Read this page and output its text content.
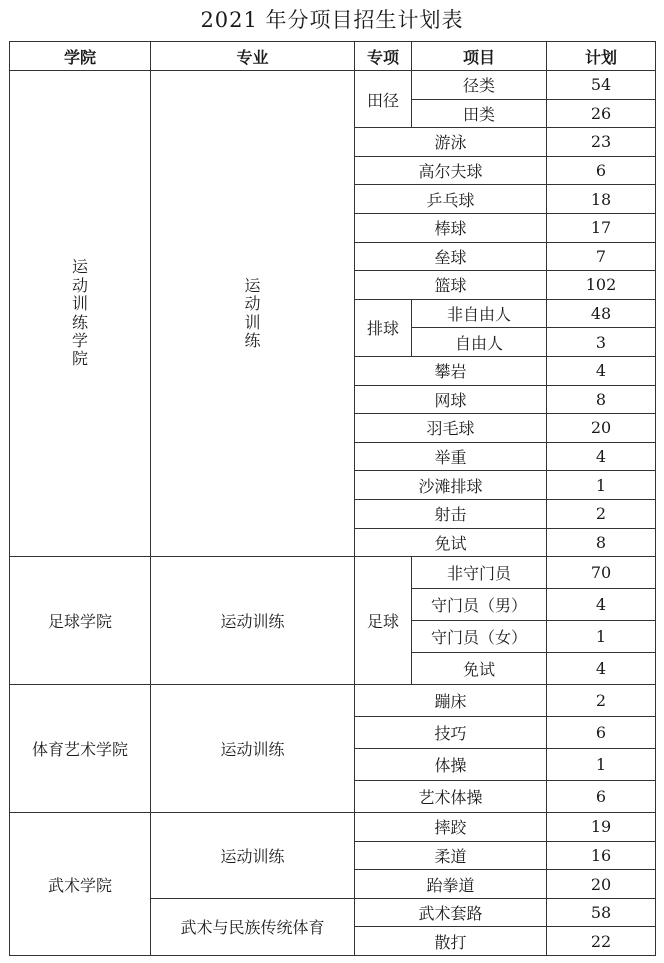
2021 年分项目招生计划表
学院	专业	专项	项目	计划
运动训练学院	运动训练	田径	径类	54
			田类	26
		游泳		23
		高尔夫球		6
		乒乓球		18
		棒球		17
		垒球		7
		篮球		102
		排球	非自由人	48
			自由人	3
		攀岩		4
		网球		8
		羽毛球		20
		举重		4
		沙滩排球		1
		射击		2
		免试		8
足球学院	运动训练	足球	非守门员	70
			守门员（男）	4
			守门员（女）	1
			免试	4
体育艺术学院	运动训练	蹦床		2
		技巧		6
		体操		1
		艺术体操		6
武术学院	运动训练	摔跤		19
		柔道		16
		跆拳道		20
	武术与民族传统体育	武术套路		58
		散打		22
